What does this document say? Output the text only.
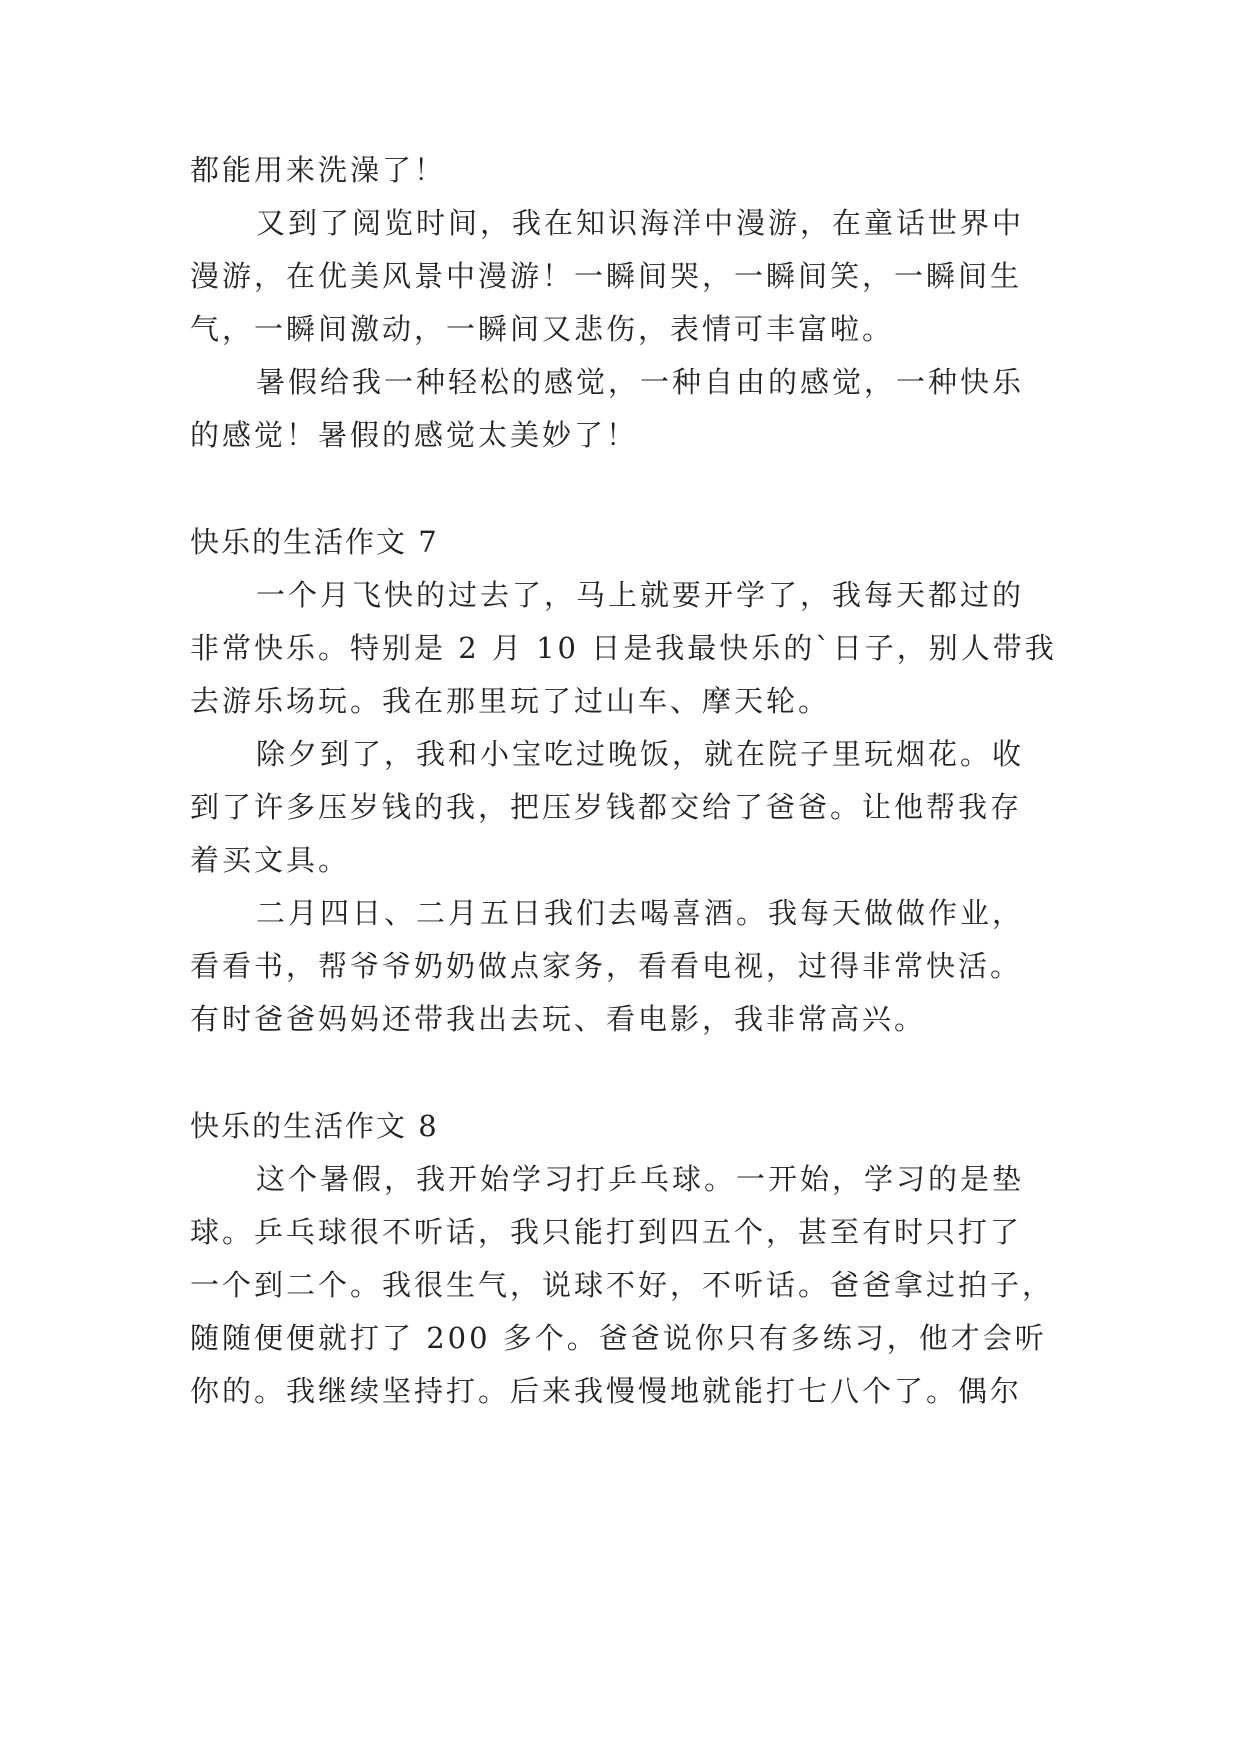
都能用来洗澡了！
又到了阅览时间，我在知识海洋中漫游，在童话世界中
漫游，在优美风景中漫游！一瞬间哭，一瞬间笑，一瞬间生
气，一瞬间激动，一瞬间又悲伤，表情可丰富啦。
暑假给我一种轻松的感觉，一种自由的感觉，一种快乐
的感觉！暑假的感觉太美妙了！
快乐的生活作文 7
一个月飞快的过去了，马上就要开学了，我每天都过的
非常快乐。特别是 2 月 10 日是我最快乐的`日子，别人带我
去游乐场玩。我在那里玩了过山车、摩天轮。
除夕到了，我和小宝吃过晚饭，就在院子里玩烟花。收
到了许多压岁钱的我，把压岁钱都交给了爸爸。让他帮我存
着买文具。
二月四日、二月五日我们去喝喜酒。我每天做做作业，
看看书，帮爷爷奶奶做点家务，看看电视，过得非常快活。
有时爸爸妈妈还带我出去玩、看电影，我非常高兴。
快乐的生活作文 8
这个暑假，我开始学习打乒乓球。一开始，学习的是垫
球。乒乓球很不听话，我只能打到四五个，甚至有时只打了
一个到二个。我很生气，说球不好，不听话。爸爸拿过拍子，
随随便便就打了 200 多个。爸爸说你只有多练习，他才会听
你的。我继续坚持打。后来我慢慢地就能打七八个了。偶尔
